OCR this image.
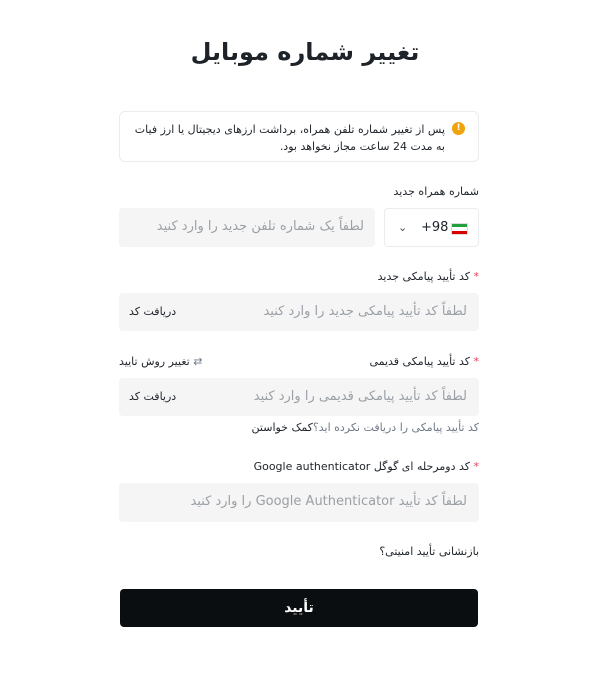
تغییر شماره موبایل
!
پس از تغییر شماره تلفن همراه، برداشت ارزهای دیجیتال یا ارز فیات به مدت 24 ساعت مجاز نخواهد بود.
شماره همراه جدید
لطفاً یک شماره تلفن جدید را وارد کنید	+98
⌄
* کد تأیید پیامکی جدید
لطفاً کد تأیید پیامکی جدید را وارد کنید
دریافت کد
* کد تأیید پیامکی قدیمی
⇄ تغییر روش تایید
لطفاً کد تأیید پیامکی قدیمی را وارد کنید
دریافت کد
کد تأیید پیامکی را دریافت نکرده اید؟کمک خواستن
* کد دومرحله ای گوگل Google authenticator
لطفاً کد تأیید Google Authenticator را وارد کنید
بازنشانی تأیید امنیتی؟
تأیید
